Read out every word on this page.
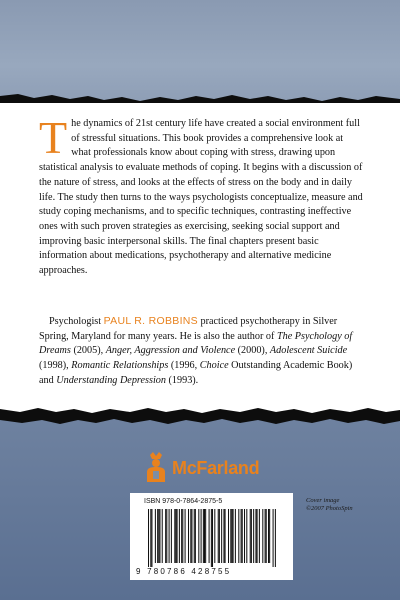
The dynamics of 21st century life have created a social environment full of stressful situations. This book provides a comprehensive look at what professionals know about coping with stress, drawing upon statistical analysis to evaluate methods of coping. It begins with a discussion of the nature of stress, and looks at the effects of stress on the body and in daily life. The study then turns to the ways psychologists conceptualize, measure and study coping mechanisms, and to specific techniques, contrasting ineffective ones with such proven strategies as exercising, seeking social support and improving basic interpersonal skills. The final chapters present basic information about medications, psychotherapy and alternative medicine approaches.

Psychologist PAUL R. ROBBINS practiced psychotherapy in Silver Spring, Maryland for many years. He is also the author of The Psychology of Dreams (2005), Anger, Aggression and Violence (2000), Adolescent Suicide (1998), Romantic Relationships (1996, Choice Outstanding Academic Book) and Understanding Depression (1993).

McFarland
ISBN 978-0-7864-2875-5
9 780786 428755
Cover image
©2007 PhotoSpin
